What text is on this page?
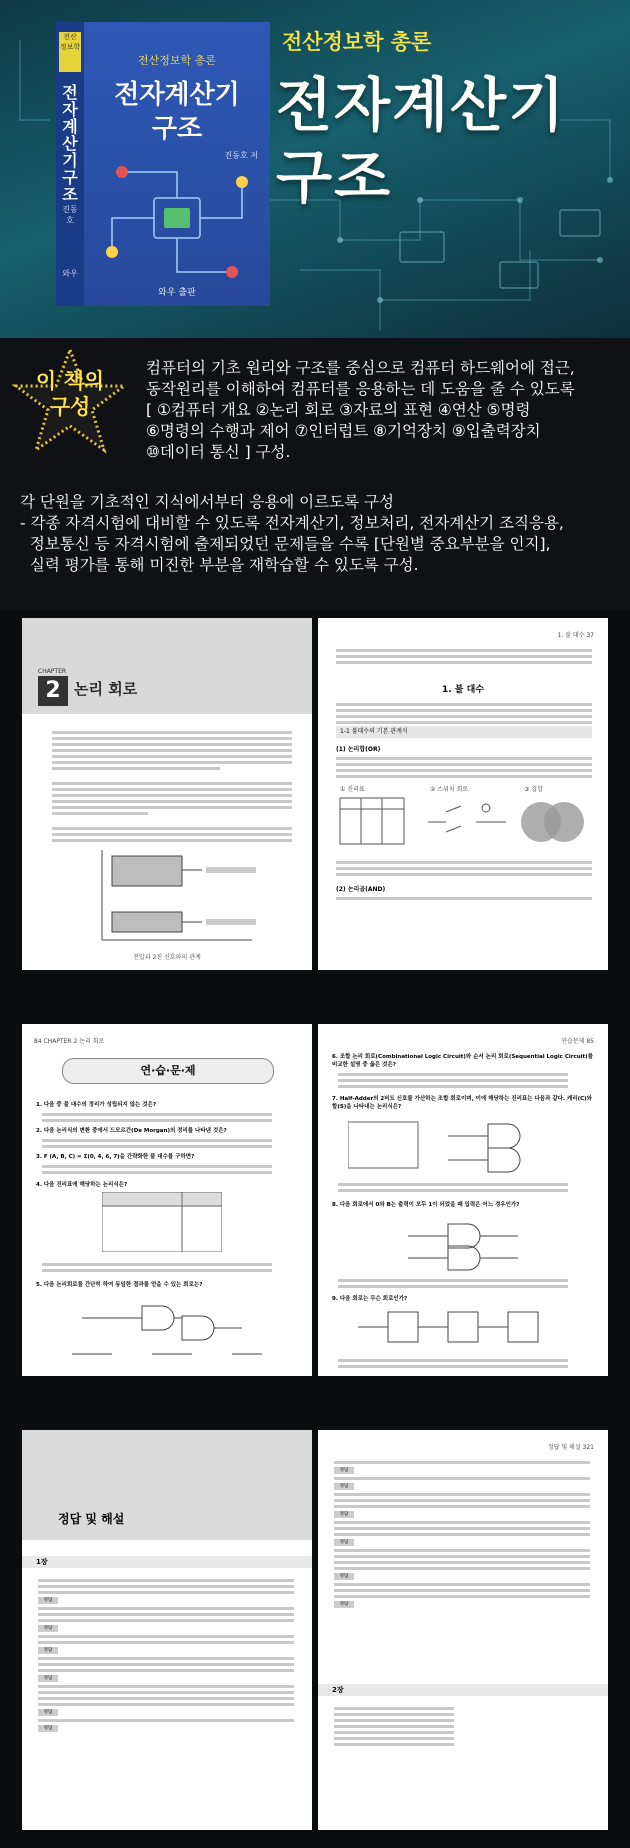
전산 정보학
전자계산기구조
진동호
와우
전산정보학 총론
전자계산기
구조
진동호 저
와우 출판
전산정보학 총론
전자계산기
구조
이 책의
구성

컴퓨터의 기초 원리와 구조를 중심으로 컴퓨터 하드웨어에 접근,

동작원리를 이해하여 컴퓨터를 응용하는 데 도움을 줄 수 있도록

[ ①컴퓨터 개요 ②논리 회로 ③자료의 표현 ④연산 ⑤명령

⑥명령의 수행과 제어 ⑦인터럽트 ⑧기억장치 ⑨입출력장치

⑩데이터 통신 ] 구성.

각 단원을 기초적인 지식에서부터 응용에 이르도록 구성

- 각종 자격시험에 대비할 수 있도록 전자계산기, 정보처리, 전자계산기 조직응용,

정보통신 등 자격시험에 출제되었던 문제들을 수록 [단원별 중요부분을 인지],

실력 평가를 통해 미진한 부분을 재학습할 수 있도록 구성.

2
CHAPTER
논리 회로
전압과 2진 신호와의 관계
1. 불 대수 37
1. 불 대수
1-1 불대수의 기본 관계식
(1) 논리합(OR)
① 진리표	② 스위치 회로	③ 집합
(2) 논리곱(AND)
84 CHAPTER 2 논리 회로
연·습·문·제
1. 다음 중 불 대수의 정리가 성립되지 않는 것은?
2. 다음 논리식의 변환 중에서 드모르간(De Morgan)의 정리를 나타낸 것은?
3. F (A, B, C) = Σ(0, 4, 6, 7)을 간략화한 불 대수를 구하면?
4. 다음 진리표에 해당하는 논리식은?
5. 다음 논리회로를 간단히 하여 동일한 결과를 얻을 수 있는 회로는?
연습문제 85
6. 조합 논리 회로(Combinational Logic Circuit)와 순서 논리 회로(Sequential Logic Circuit)를 비교한 설명 중 옳은 것은?
7. Half-Adder의 2비트 신호를 가산하는 조합 회로이며, 이에 해당하는 진리표는 다음과 같다. 캐리(C)와 합(S)을 나타내는 논리식은?
8. 다음 회로에서 0와 B는 출력이 모두 1이 되었을 때 입력은 어느 경우인가?
9. 다음 회로는 무슨 회로인가?
정답 및 해설
1장
정답
정답
정답
정답
정답
정답
정답 및 해설 321
정답
정답
정답
정답
정답
정답
2장
